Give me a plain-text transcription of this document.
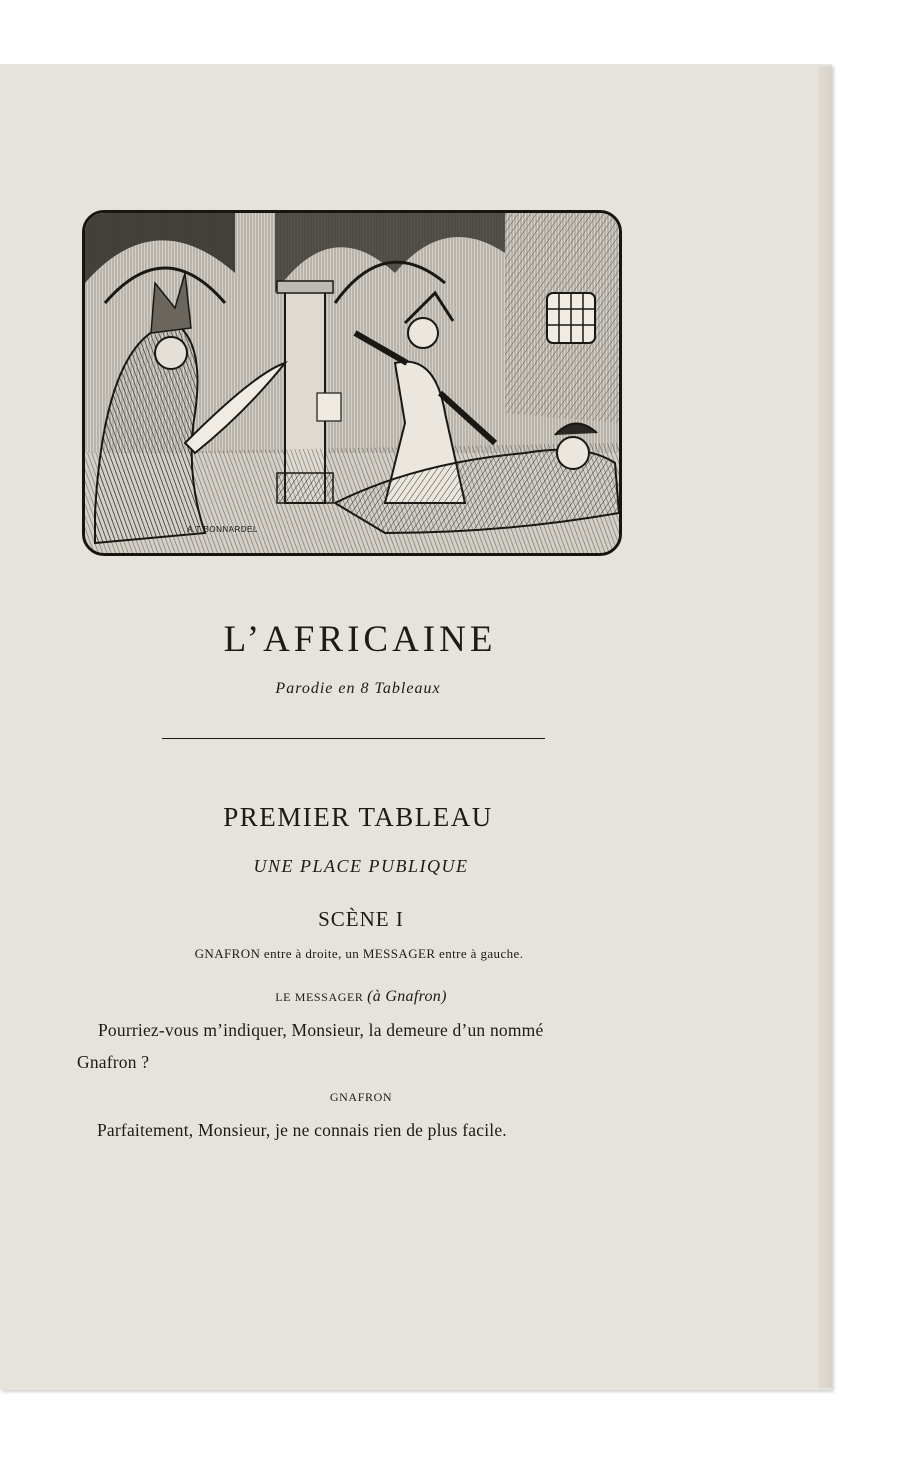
A.T BONNARDEL
L’AFRICAINE
Parodie en 8 Tableaux
PREMIER TABLEAU
UNE PLACE PUBLIQUE
SCÈNE I
GNAFRON entre à droite, un MESSAGER entre à gauche.
LE MESSAGER (à Gnafron)
Pourriez-vous m’indiquer, Monsieur, la demeure d’un nommé
Gnafron ?
GNAFRON
Parfaitement, Monsieur, je ne connais rien de plus facile.
